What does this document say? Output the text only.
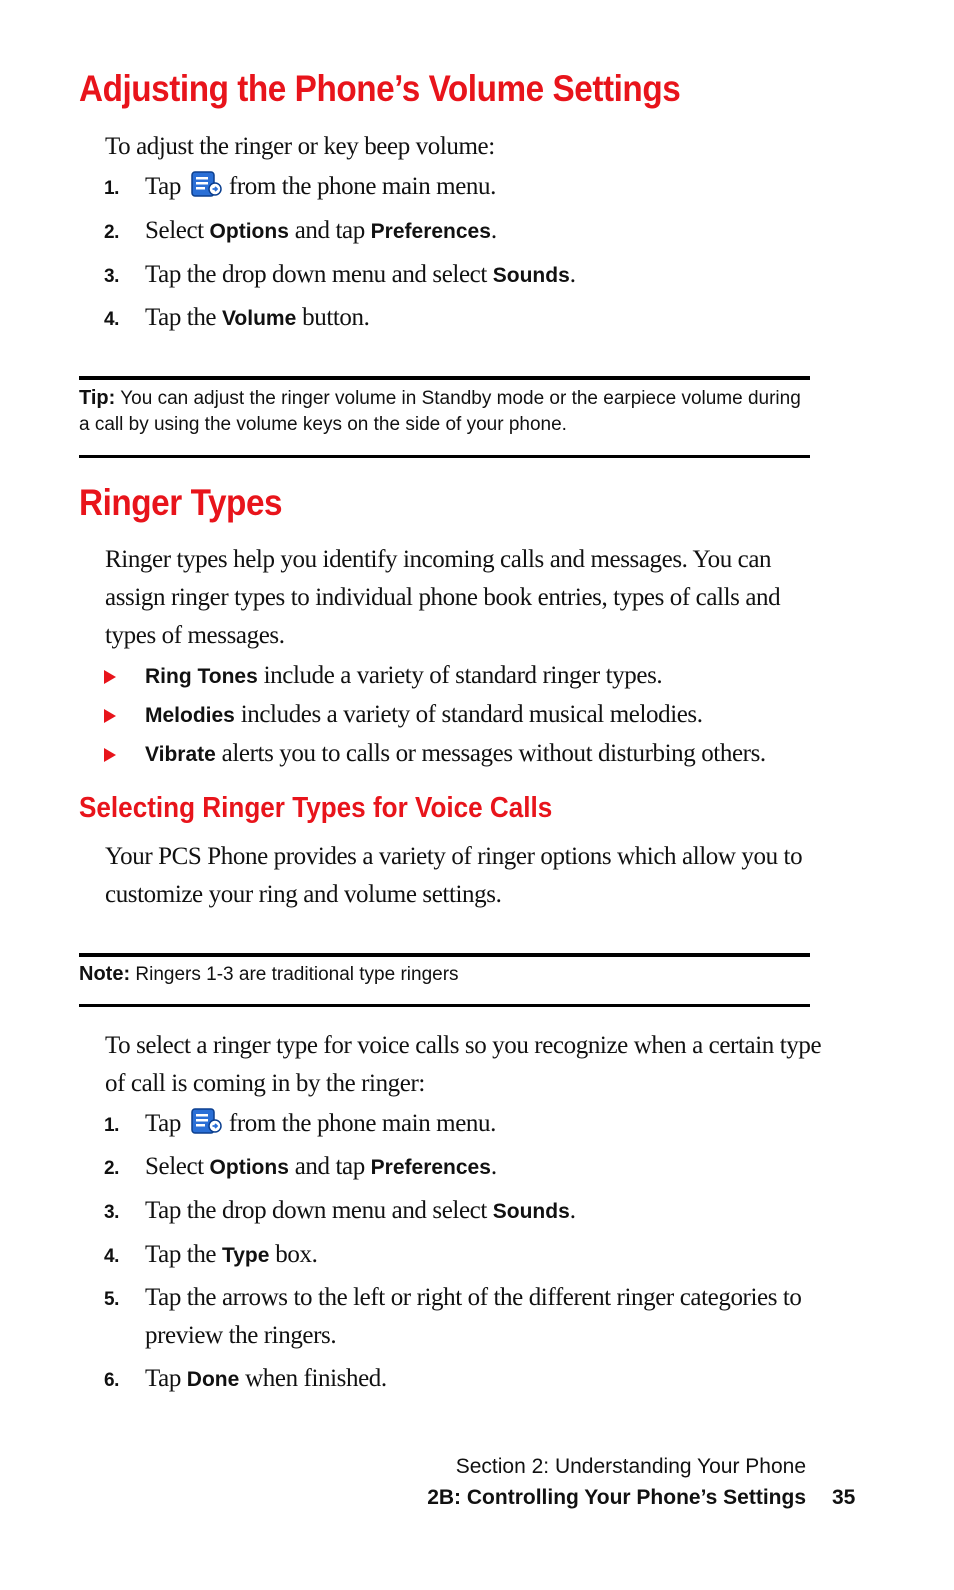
Adjusting the Phone’s Volume Settings

To adjust the ringer or key beep volume:

1. Tap from the phone main menu.
2. Select Options and tap Preferences.
3. Tap the drop down menu and select Sounds.
4. Tap the Volume button.

Tip: You can adjust the ringer volume in Standby mode or the earpiece volume during a call by using the volume keys on the side of your phone.

Ringer Types

Ringer types help you identify incoming calls and messages. You can assign ringer types to individual phone book entries, types of calls and types of messages.

Ring Tones include a variety of standard ringer types.
Melodies includes a variety of standard musical melodies.
Vibrate alerts you to calls or messages without disturbing others.
Selecting Ringer Types for Voice Calls

Your PCS Phone provides a variety of ringer options which allow you to customize your ring and volume settings.

Note: Ringers 1-3 are traditional type ringers

To select a ringer type for voice calls so you recognize when a certain type of call is coming in by the ringer:

1. Tap from the phone main menu.
2. Select Options and tap Preferences.
3. Tap the drop down menu and select Sounds.
4. Tap the Type box.
5. Tap the arrows to the left or right of the different ringer categories to preview the ringers.
6. Tap Done when finished.
Section 2: Understanding Your Phone
2B: Controlling Your Phone’s Settings 35
